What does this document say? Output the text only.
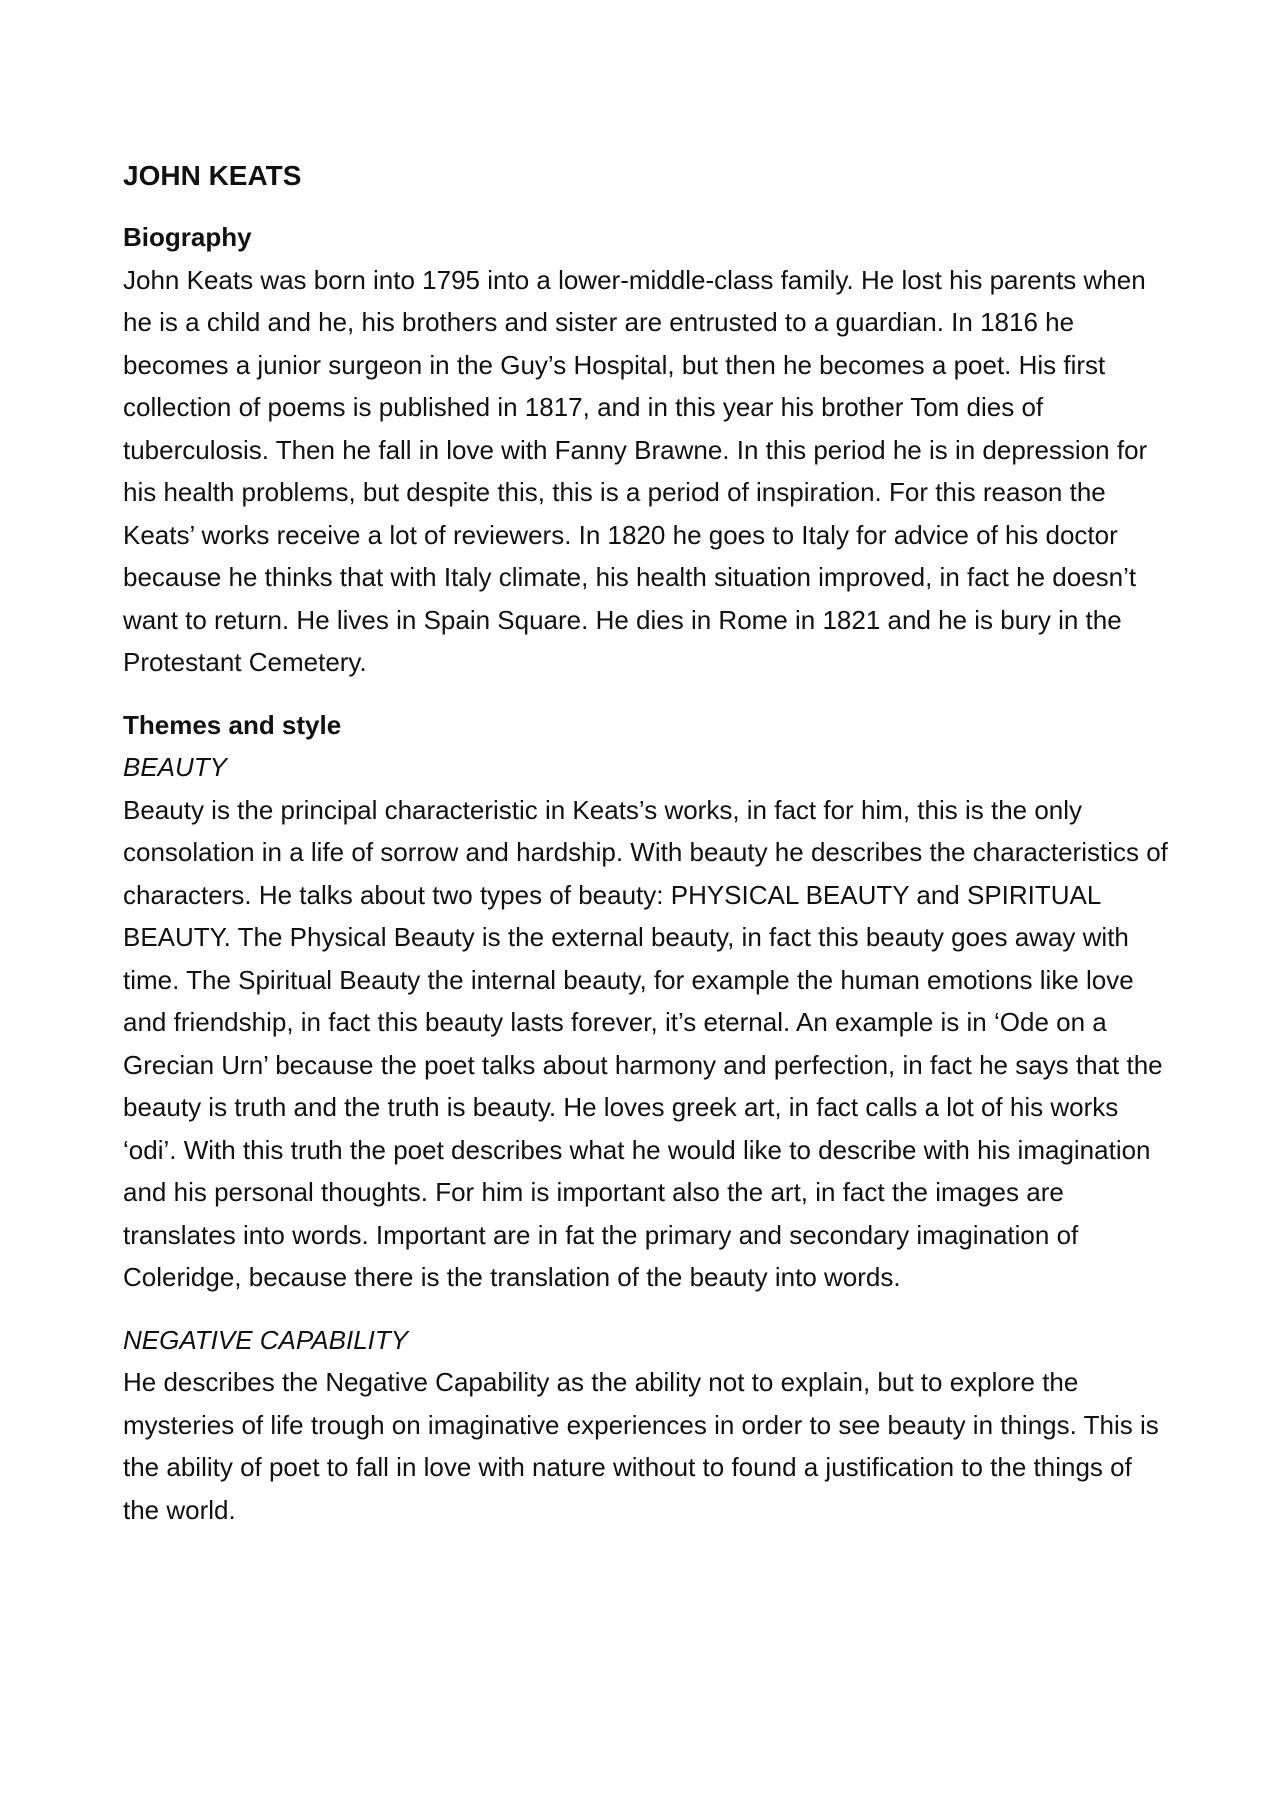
JOHN KEATS

Biography

John Keats was born into 1795 into a lower-middle-class family. He lost his parents when he is a child and he, his brothers and sister are entrusted to a guardian. In 1816 he becomes a junior surgeon in the Guy’s Hospital, but then he becomes a poet. His first collection of poems is published in 1817, and in this year his brother Tom dies of tuberculosis. Then he fall in love with Fanny Brawne. In this period he is in depression for his health problems, but despite this, this is a period of inspiration. For this reason the Keats’ works receive a lot of reviewers. In 1820 he goes to Italy for advice of his doctor because he thinks that with Italy climate, his health situation improved, in fact he doesn’t want to return. He lives in Spain Square. He dies in Rome in 1821 and he is bury in the Protestant Cemetery.

Themes and style

BEAUTY

Beauty is the principal characteristic in Keats’s works, in fact for him, this is the only consolation in a life of sorrow and hardship. With beauty he describes the characteristics of characters. He talks about two types of beauty: PHYSICAL BEAUTY and SPIRITUAL BEAUTY. The Physical Beauty is the external beauty, in fact this beauty goes away with time. The Spiritual Beauty the internal beauty, for example the human emotions like love and friendship, in fact this beauty lasts forever, it’s eternal. An example is in ‘Ode on a Grecian Urn’ because the poet talks about harmony and perfection, in fact he says that the beauty is truth and the truth is beauty. He loves greek art, in fact calls a lot of his works ‘odi’. With this truth the poet describes what he would like to describe with his imagination and his personal thoughts. For him is important also the art, in fact the images are translates into words. Important are in fat the primary and secondary imagination of Coleridge, because there is the translation of the beauty into words.

NEGATIVE CAPABILITY

He describes the Negative Capability as the ability not to explain, but to explore the mysteries of life trough on imaginative experiences in order to see beauty in things. This is the ability of poet to fall in love with nature without to found a justification to the things of the world.
